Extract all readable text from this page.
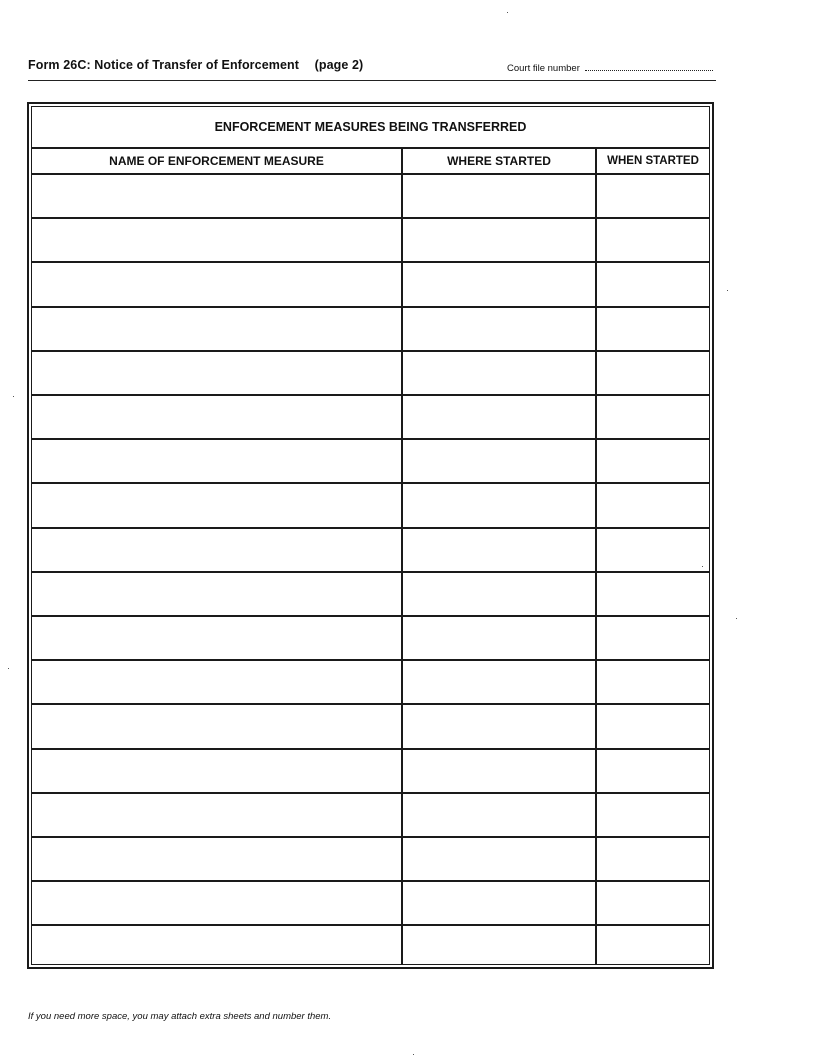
Form 26C: Notice of Transfer of Enforcement (page 2)	Court file number
ENFORCEMENT MEASURES BEING TRANSFERRED
NAME OF ENFORCEMENT MEASURE	WHERE STARTED	WHEN STARTED
If you need more space, you may attach extra sheets and number them.
